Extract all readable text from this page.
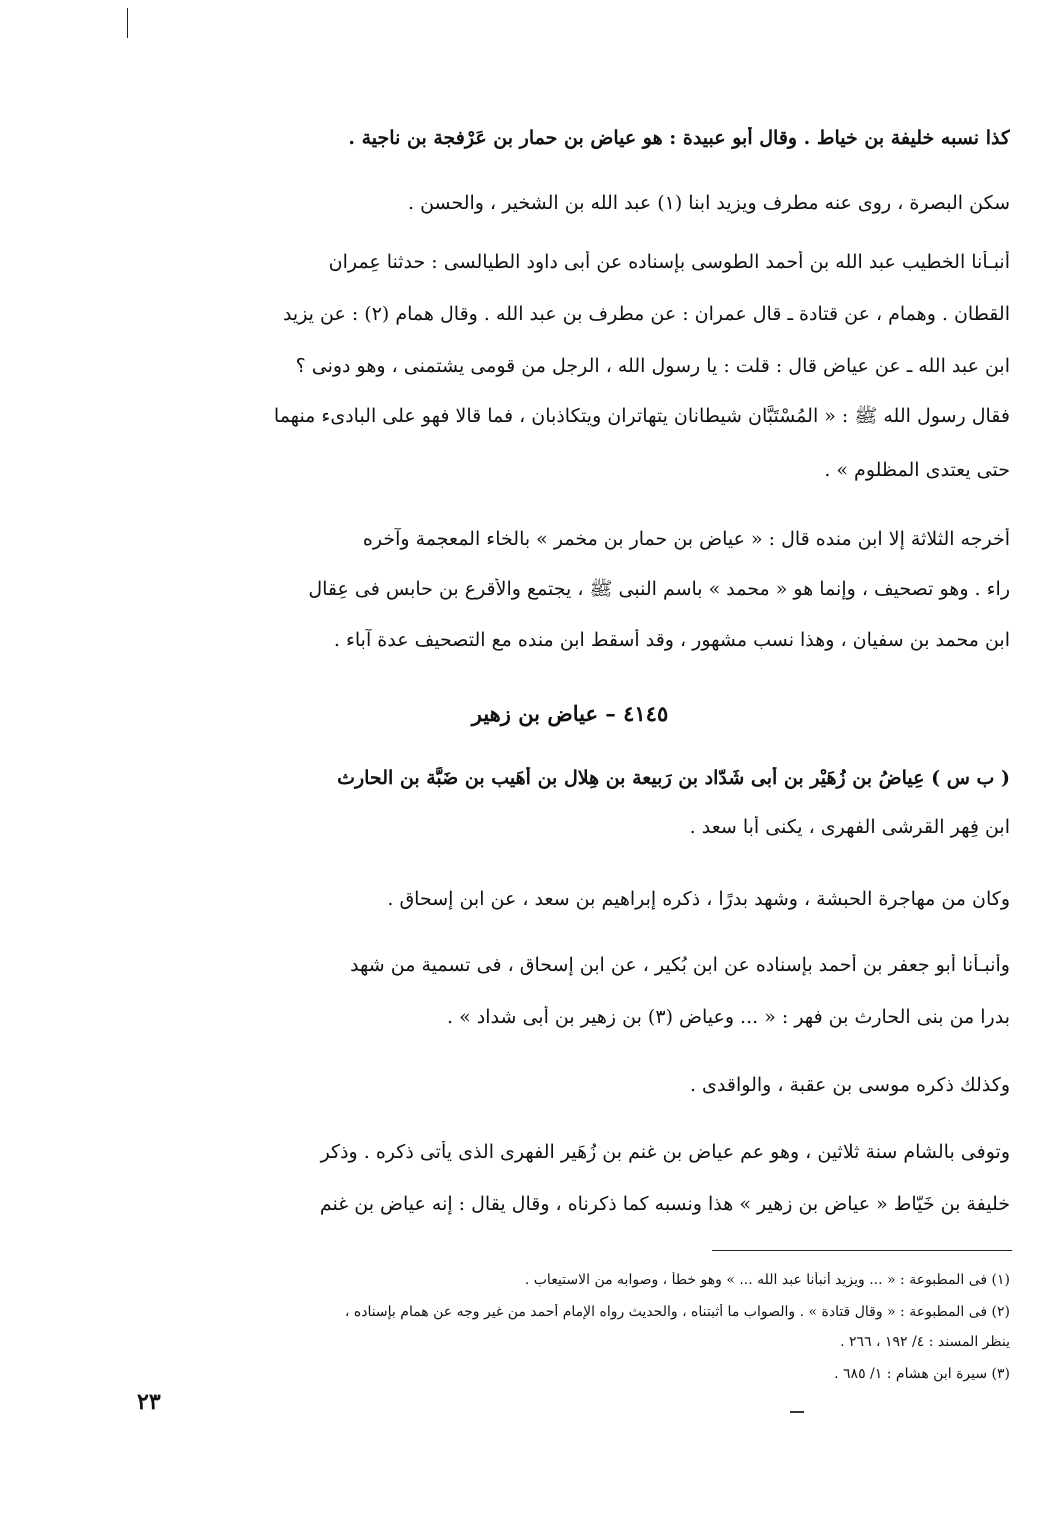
كذا نسبه خليفة بن خياط . وقال أبو عبيدة : هو عياض بن حمار بن عَرْفجة بن ناجية .
سكن البصرة ، روى عنه مطرف ويزيد ابنا (١) عبد الله بن الشخير ، والحسن .
أنبـأنا الخطيب عبد الله بن أحمد الطوسى بإسناده عن أبى داود الطيالسى : حدثنا عِمران
القطان . وهمام ، عن قتادة ـ قال عمران : عن مطرف بن عبد الله . وقال همام (٢) : عن يزيد
ابن عبد الله ـ عن عياض قال : قلت : يا رسول الله ، الرجل من قومى يشتمنى ، وهو دونى ؟
فقال رسول الله ﷺ : « المُسْتَبَّان شيطانان يتهاتران ويتكاذبان ، فما قالا فهو على البادىء منهما
حتى يعتدى المظلوم » .
أخرجه الثلاثة إلا ابن منده قال : « عياض بن حمار بن مخمر » بالخاء المعجمة وآخره
راء . وهو تصحيف ، وإنما هو « محمد » باسم النبى ﷺ ، يجتمع والأقرع بن حابس فى عِقال
ابن محمد بن سفيان ، وهذا نسب مشهور ، وقد أسقط ابن منده مع التصحيف عدة آباء .
٤١٤٥ – عياض بن زهير
( ب س ) عِياضُ بن زُهَيْر بن أبى شَدّاد بن رَبيعة بن هِلال بن أُهَيب بن ضَبَّة بن الحارث
ابن فِهر القرشى الفهرى ، يكنى أبا سعد .
وكان من مهاجرة الحبشة ، وشهد بدرًا ، ذكره إبراهيم بن سعد ، عن ابن إسحاق .
وأنبـأنا أبو جعفر بن أحمد بإسناده عن ابن بُكير ، عن ابن إسحاق ، فى تسمية من شهد
بدرا من بنى الحارث بن فهر : « ... وعياض (٣) بن زهير بن أبى شداد » .
وكذلك ذكره موسى بن عقبة ، والواقدى .
وتوفى بالشام سنة ثلاثين ، وهو عم عياض بن غنم بن زُهَير الفهرى الذى يأتى ذكره . وذكر
خليفة بن خَيّاط « عياض بن زهير » هذا ونسبه كما ذكرناه ، وقال يقال : إنه عياض بن غنم
(١) فى المطبوعة : « ... ويزيد أنبأنا عبد الله ... » وهو خطأ ، وصوابه من الاستيعاب .
(٢) فى المطبوعة : « وقال قتادة » . والصواب ما أثبتناه ، والحديث رواه الإمام أحمد من غير وجه عن همام بإسناده ،
ينظر المسند : ٤/ ١٩٢ ، ٢٦٦ .
(٣) سيرة ابن هشام : ١/ ٦٨٥ .
٢٣
